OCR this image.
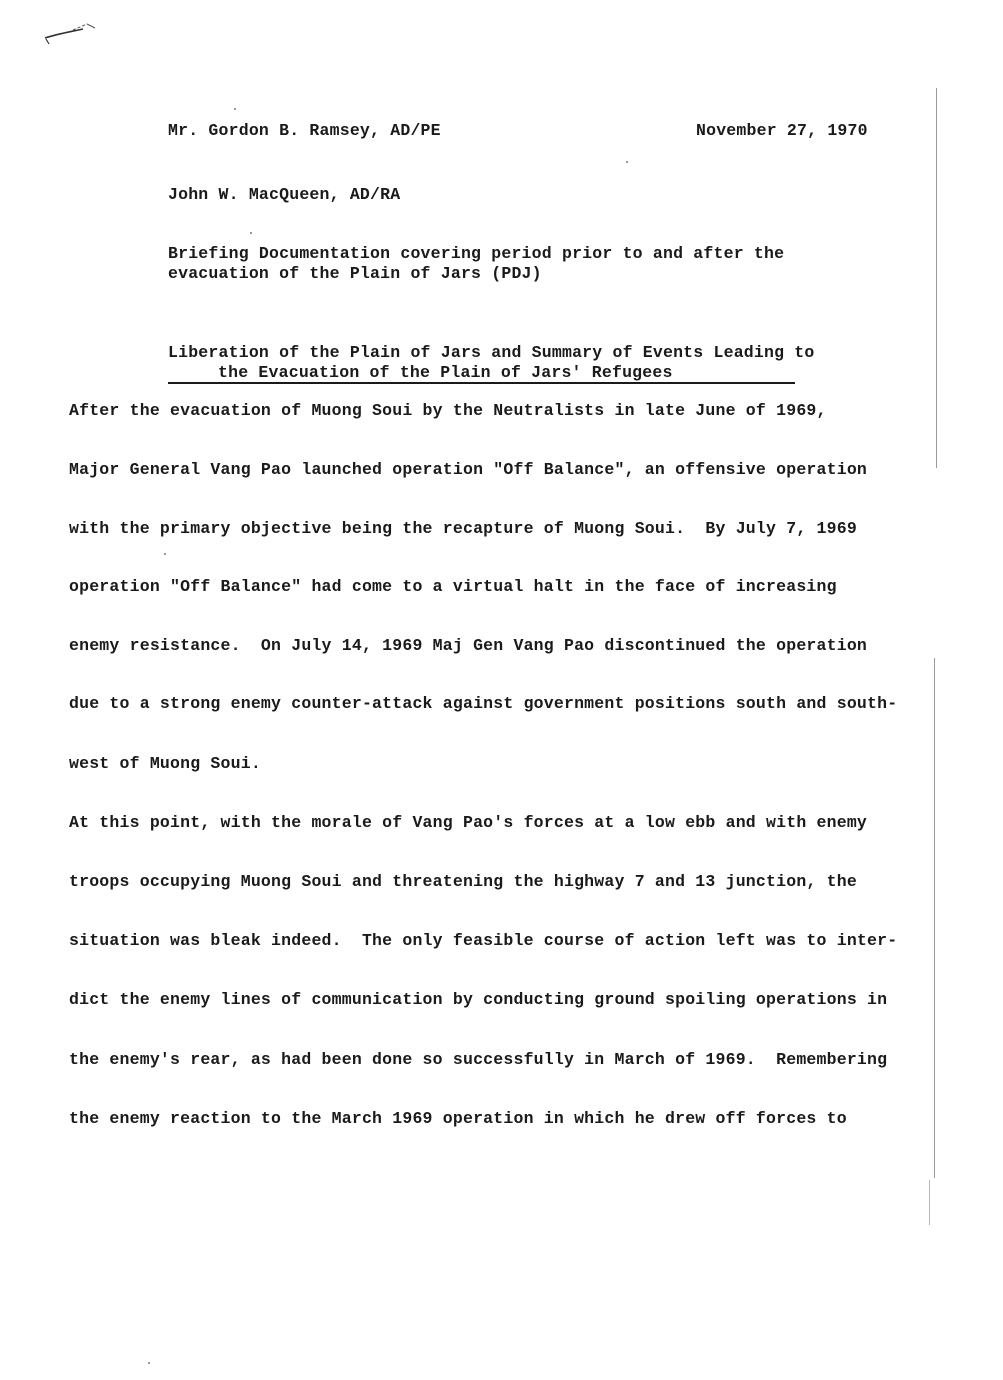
Mr. Gordon B. Ramsey, AD/PE	November 27, 1970
John W. MacQueen, AD/RA
Briefing Documentation covering period prior to and after the
evacuation of the Plain of Jars (PDJ)
Liberation of the Plain of Jars and Summary of Events Leading to
the Evacuation of the Plain of Jars' Refugees
After the evacuation of Muong Soui by the Neutralists in late June of 1969,
Major General Vang Pao launched operation "Off Balance", an offensive operation
with the primary objective being the recapture of Muong Soui.  By July 7, 1969
operation "Off Balance" had come to a virtual halt in the face of increasing
enemy resistance.  On July 14, 1969 Maj Gen Vang Pao discontinued the operation
due to a strong enemy counter-attack against government positions south and south-
west of Muong Soui.
At this point, with the morale of Vang Pao's forces at a low ebb and with enemy
troops occupying Muong Soui and threatening the highway 7 and 13 junction, the
situation was bleak indeed.  The only feasible course of action left was to inter-
dict the enemy lines of communication by conducting ground spoiling operations in
the enemy's rear, as had been done so successfully in March of 1969.  Remembering
the enemy reaction to the March 1969 operation in which he drew off forces to
